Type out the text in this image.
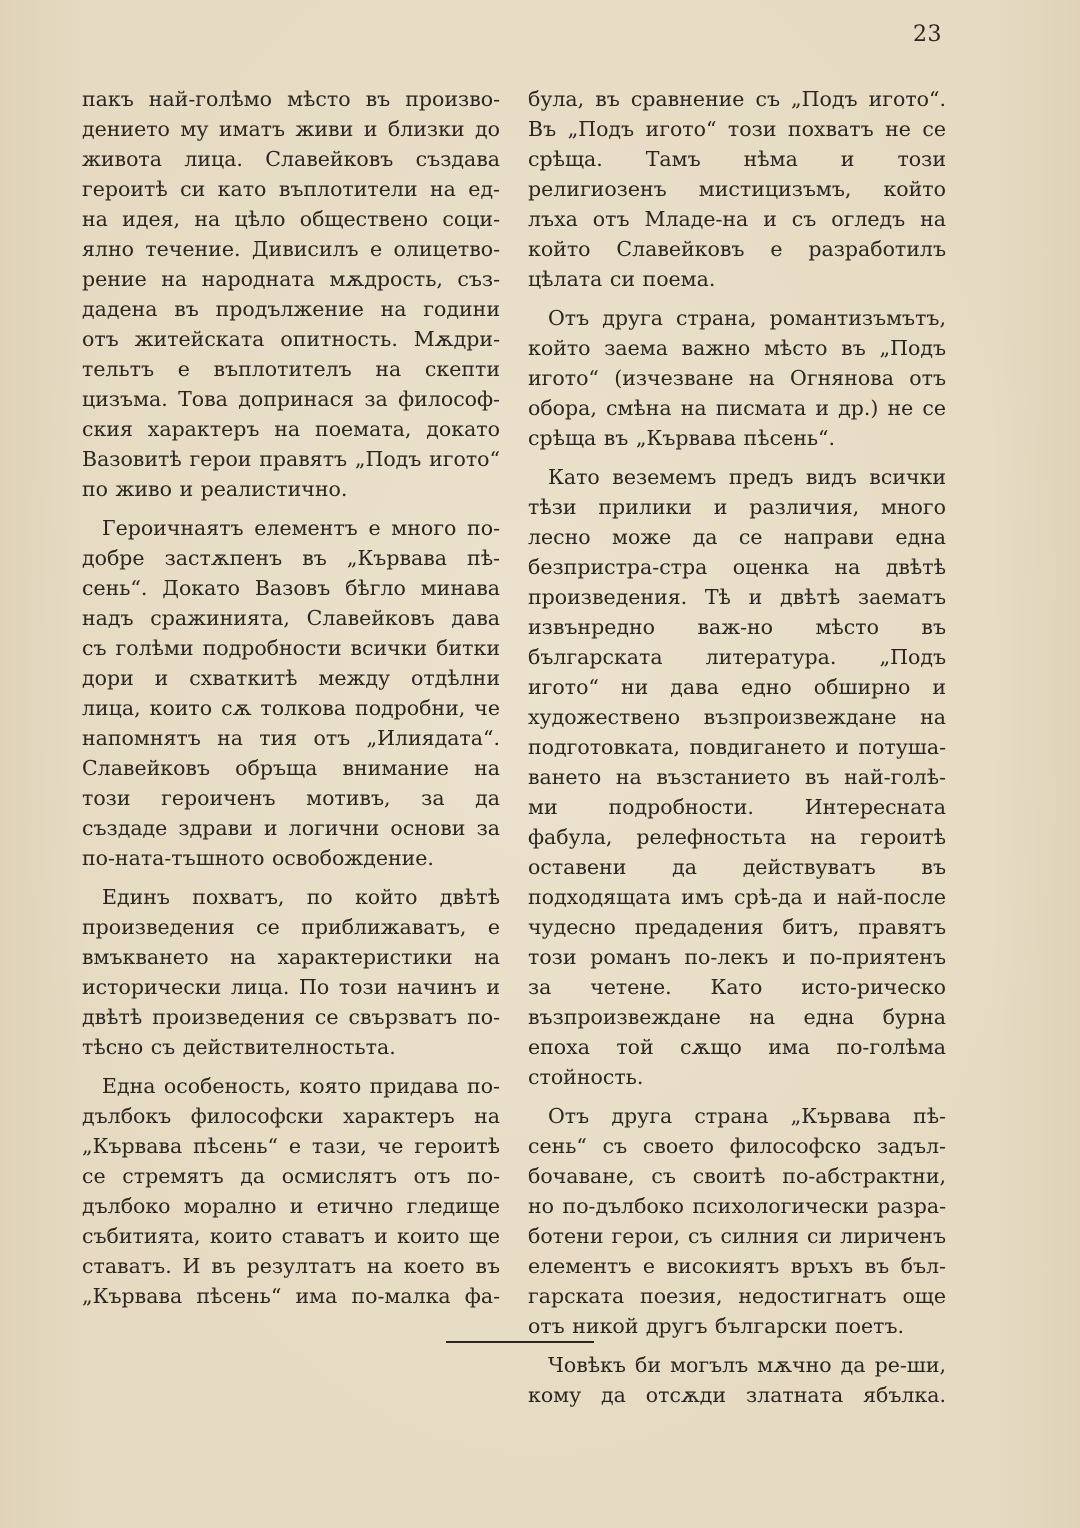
23

пакъ най-голѣмо мѣсто въ произво-дението му иматъ живи и близки до живота лица. Славейковъ създава героитѣ си като въплотители на ед-на идея, на цѣло обществено соци-ялно течение. Дивисилъ е олицетво-рение на народната мѫдрость, съз-дадена въ продължение на години отъ житейската опитность. Мѫдри-тельтъ е въплотителъ на скепти цизъма. Това допринася за философ-ския характеръ на поемата, докато Вазовитѣ герои правятъ „Подъ игото“ по живо и реалистично.

Героичнаятъ елементъ е много по-добре застѫпенъ въ „Кървава пѣ-сень“. Докато Вазовъ бѣгло минава надъ сражинията, Славейковъ дава съ голѣми подробности всички битки дори и схваткитѣ между отдѣлни лица, които сѫ толкова подробни, че напомнятъ на тия отъ „Илиядата“. Славейковъ обръща внимание на този героиченъ мотивъ, за да създаде здрави и логични основи за по-ната-тъшното освобождение.

Единъ похватъ, по който двѣтѣ произведения се приближаватъ, е вмъкването на характеристики на исторически лица. По този начинъ и двѣтѣ произведения се свързватъ по-тѣсно съ действителностьта.

Една особеность, която придава по-дълбокъ философски характеръ на „Кървава пѣсень“ е тази, че героитѣ се стремятъ да осмислятъ отъ по-дълбоко морално и етично гледище събитията, които ставатъ и които ще ставатъ. И въ резултатъ на което въ „Кървава пѣсень“ има по-малка фа-

була, въ сравнение съ „Подъ игото“. Въ „Подъ игото“ този похватъ не се срѣща. Тамъ нѣма и този религиозенъ мистицизъмъ, който лъха отъ Младе-на и съ огледъ на който Славейковъ е разработилъ цѣлата си поема.

Отъ друга страна, романтизъмътъ, който заема важно мѣсто въ „Подъ игото“ (изчезване на Огнянова отъ обора, смѣна на писмата и др.) не се срѣща въ „Кървава пѣсень“.

Като веземемъ предъ видъ всички тѣзи прилики и различия, много лесно може да се направи една безпристра-стра оценка на двѣтѣ произведения. Тѣ и двѣтѣ заематъ извънредно важ-но мѣсто въ българската литература. „Подъ игото“ ни дава едно обширно и художествено възпроизвеждане на подготовката, повдигането и потуша-ването на възстанието въ най-голѣ-ми подробности. Интересната фабула, релефностьта на героитѣ оставени да действуватъ въ подходящата имъ срѣ-да и най-после чудесно предадения битъ, правятъ този романъ по-лекъ и по-приятенъ за четене. Като исто-рическо възпроизвеждане на една бурна епоха той сѫщо има по-голѣма стойность.

Отъ друга страна „Кървава пѣ-сень“ съ своето философско задъл-бочаване, съ своитѣ по-абстрактни, но по-дълбоко психологически разра-ботени герои, съ силния си лириченъ елементъ е високиятъ връхъ въ бъл-гарската поезия, недостигнатъ още отъ никой другъ български поетъ.

Човѣкъ би могълъ мѫчно да ре-ши, кому да отсѫди златната ябълка.
